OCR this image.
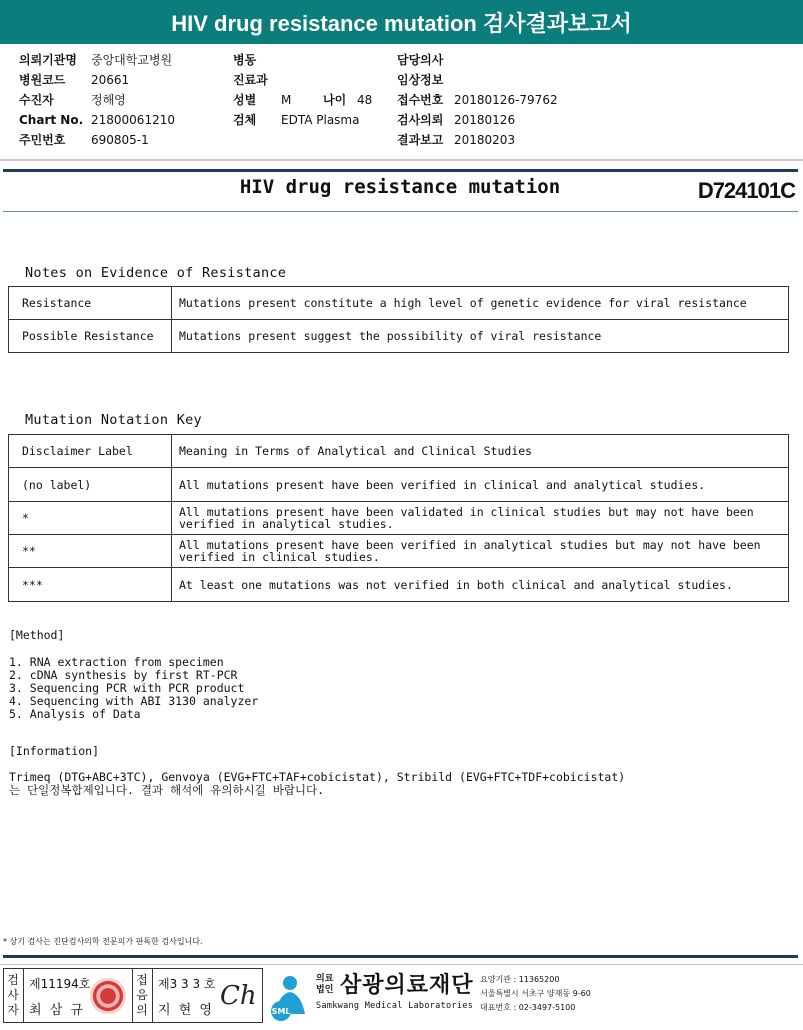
HIV drug resistance mutation 검사결과보고서
의뢰기관명	중앙대학교병원
병원코드	20661
수진자	정해영
Chart No. 21800061210
주민번호	690805-1
병동
진료과
성별	M	나이 48
검체	EDTA Plasma
담당의사
임상정보
접수번호 20180126-79762
검사의뢰 20180126
결과보고 20180203
HIV drug resistance mutation	D724101C
Notes on Evidence of Resistance
Resistance	Mutations present constitute a high level of genetic evidence for viral resistance
Possible Resistance	Mutations present suggest the possibility of viral resistance
Mutation Notation Key
Disclaimer Label	Meaning in Terms of Analytical and Clinical Studies
(no label)	All mutations present have been verified in clinical and analytical studies.
*	All mutations present have been validated in clinical studies but may not have been verified in analytical studies.
**	All mutations present have been verified in analytical studies but may not have been verified in clinical studies.
***	At least one mutations was not verified in both clinical and analytical studies.
[Method]
1. RNA extraction from specimen
2. cDNA synthesis by first RT-PCR
3. Sequencing PCR with PCR product
4. Sequencing with ABI 3130 analyzer
5. Analysis of Data
[Information]
Trimeq (DTG+ABC+3TC), Genvoya (EVG+FTC+TAF+cobicistat), Stribild (EVG+FTC+TDF+cobicistat)
는 단일정복합제입니다. 결과 해석에 유의하시길 바랍니다.
* 상기 검사는 진단검사의학 전문의가 판독한 검사입니다.
검사자
제11194호
최 삼 규
접음의
제3 3 3 호
지 현 영 Ch
SML
의료법인 삼광의료재단
Samkwang Medical Laboratories
요양기관 : 11365200
서울특별시 서초구 양재동 9-60
대표번호 : 02-3497-5100
